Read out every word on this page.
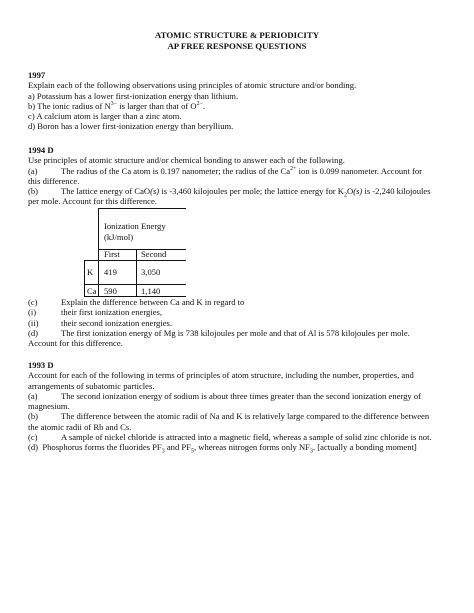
ATOMIC STRUCTURE & PERIODICITY
AP FREE RESPONSE QUESTIONS

1997

Explain each of the following observations using principles of atomic structure and/or bonding.

a) Potassium has a lower first-ionization energy than lithium.

b) The ionic radius of $N^{3-}$ is larger than that of $O^{2-}$.

c) A calcium atom is larger than a zinc atom.

d) Boron has a lower first-ionization energy than beryllium.

1994 D

Use principles of atomic structure and/or chemical bonding to answer each of the following.

(a)	The radius of the Ca atom is 0.197 nanometer; the radius of the $Ca^{2+}$ ion is 0.099 nanometer. Account for

this difference.

(b)	The lattice energy of CaO(s) is -3,460 kilojoules per mole; the lattice energy for $K_2O(s)$ is -2,240 kilojoules

per mole. Account for this difference.

Ionization Energy
(kJ/mol)
First Second
K 419	3,050
Ca 590	1,140

(c)	Explain the difference between Ca and K in regard to

(i)	their first ionization energies,

(ii)	their second ionization energies.

(d)	The first ionization energy of Mg is 738 kilojoules per mole and that of Al is 578 kilojoules per mole.

Account for this difference.

1993 D

Account for each of the following in terms of principles of atom structure, including the number, properties, and

arrangements of subatomic particles.

(a)	The second ionization energy of sodium is about three times greater than the second ionization energy of

magnesium.

(b)	The difference between the atomic radii of Na and K is relatively large compared to the difference between

the atomic radii of Rb and Cs.

(c)	A sample of nickel chloride is attracted into a magnetic field, whereas a sample of solid zinc chloride is not.

(d) Phosphorus forms the fluorides $PF_3$ and $PF_5$, whereas nitrogen forms only $NF_3$. [actually a bonding moment]
